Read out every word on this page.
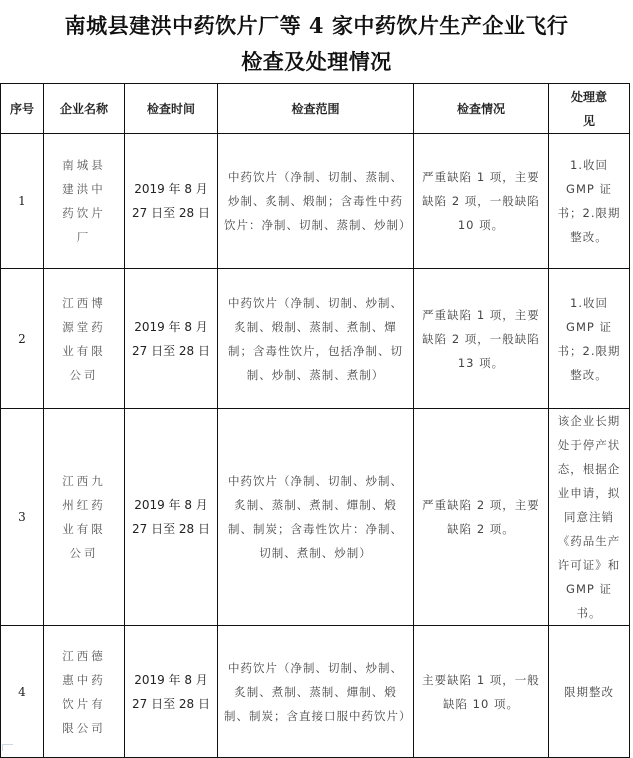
南城县建洪中药饮片厂等 4 家中药饮片生产企业飞行
检查及处理情况
序号	企业名称	检查时间	检查范围	检查情况	处理意见
1	南城县建洪中药饮片厂	2019 年 8 月 27 日至 28 日	中药饮片（净制、切制、蒸制、炒制、炙制、煅制；含毒性中药饮片：净制、切制、蒸制、炒制）	严重缺陷 1 项，主要缺陷 2 项，一般缺陷 10 项。	1.收回 GMP 证书；2.限期整改。
2	江西博源堂药业有限公司	2019 年 8 月 27 日至 28 日	中药饮片（净制、切制、炒制、炙制、煅制、蒸制、煮制、燀制；含毒性饮片，包括净制、切制、炒制、蒸制、煮制）	严重缺陷 1 项，主要缺陷 2 项，一般缺陷 13 项。	1.收回 GMP 证书；2.限期整改。
3	江西九州红药业有限公司	2019 年 8 月 27 日至 28 日	中药饮片（净制、切制、炒制、炙制、蒸制、煮制、燀制、煅制、制炭；含毒性饮片：净制、切制、煮制、炒制）	严重缺陷 2 项，主要缺陷 2 项。	该企业长期处于停产状态，根据企业申请，拟同意注销《药品生产许可证》和 GMP 证书。
4	江西德惠中药饮片有限公司	2019 年 8 月 27 日至 28 日	中药饮片（净制、切制、炒制、炙制、煮制、蒸制、燀制、煅制、制炭；含直接口服中药饮片）	主要缺陷 1 项，一般缺陷 10 项。	限期整改
